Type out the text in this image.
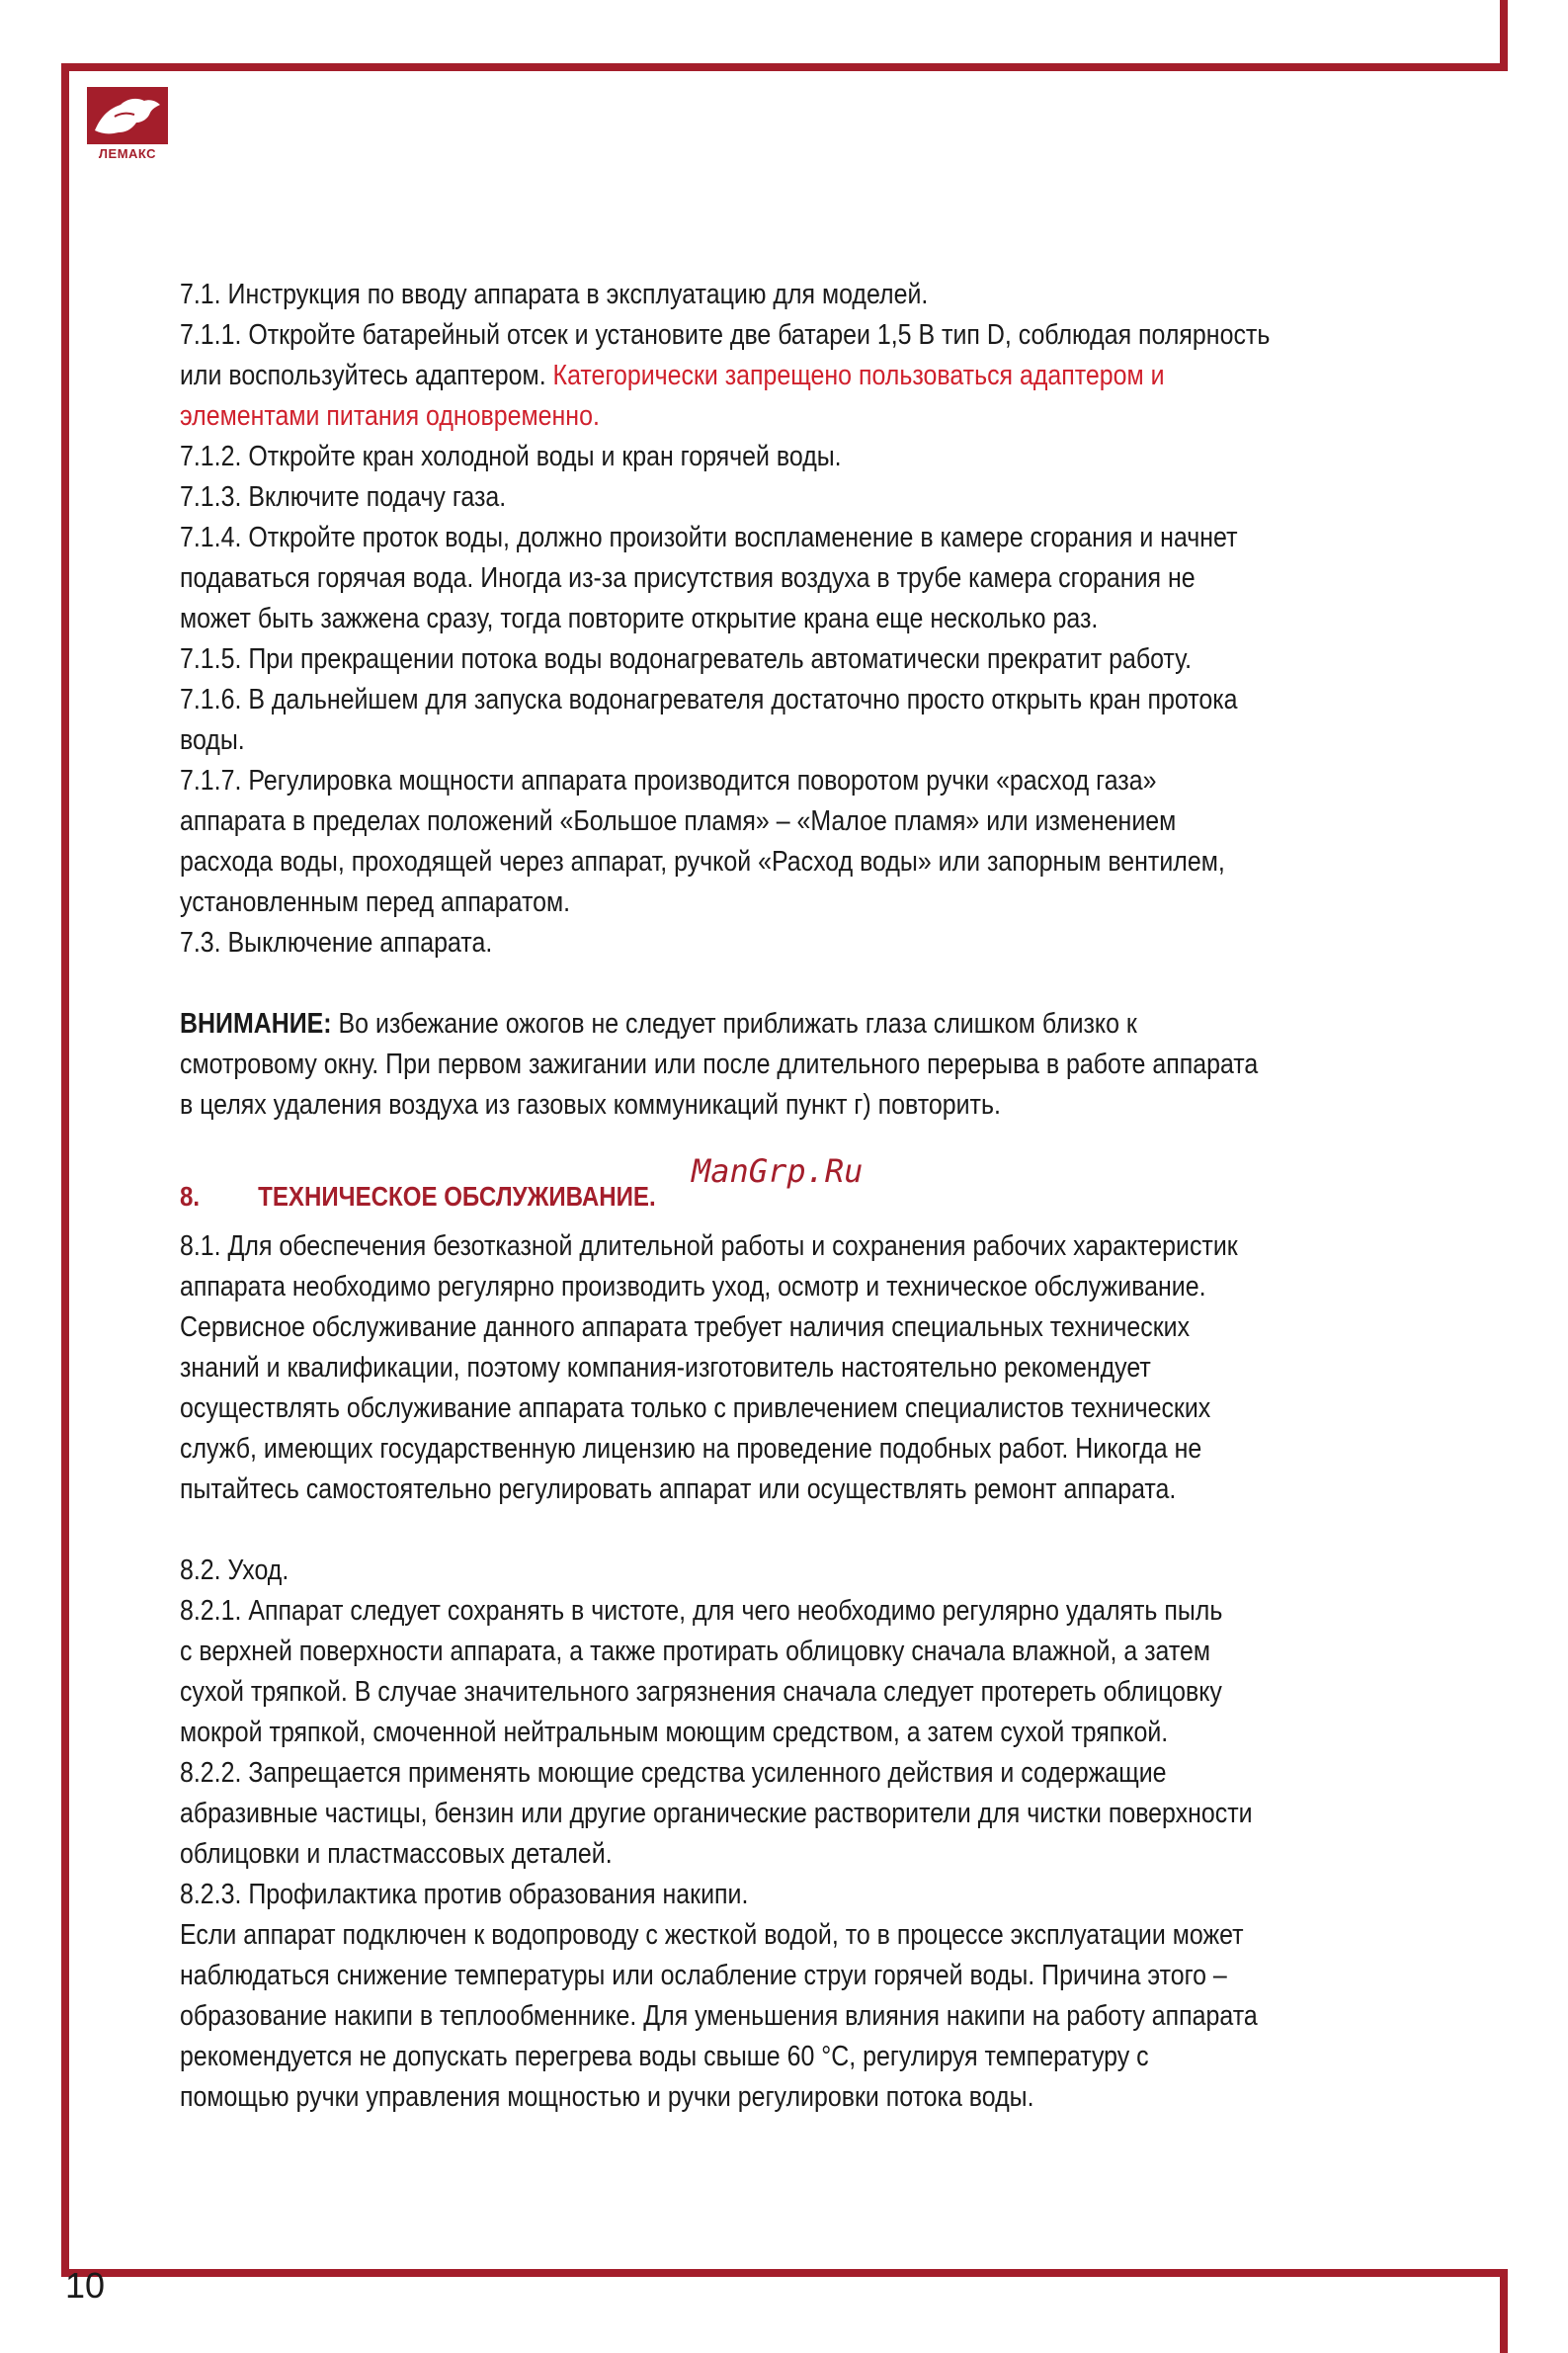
ЛЕМАКС
7.1. Инструкция по вводу аппарата в эксплуатацию для моделей.
7.1.1. Откройте батарейный отсек и установите две батареи 1,5 В тип D, соблюдая полярность
или воспользуйтесь адаптером. Категорически запрещено пользоваться адаптером и
элементами питания одновременно.
7.1.2. Откройте кран холодной воды и кран горячей воды.
7.1.3. Включите подачу газа.
7.1.4. Откройте проток воды, должно произойти воспламенение в камере сгорания и начнет
подаваться горячая вода. Иногда из-за присутствия воздуха в трубе камера сгорания не
может быть зажжена сразу, тогда повторите открытие крана еще несколько раз.
7.1.5. При прекращении потока воды водонагреватель автоматически прекратит работу.
7.1.6. В дальнейшем для запуска водонагревателя достаточно просто открыть кран протока
воды.
7.1.7. Регулировка мощности аппарата производится поворотом ручки «расход газа»
аппарата в пределах положений «Большое пламя» – «Малое пламя» или изменением
расхода воды, проходящей через аппарат, ручкой «Расход воды» или запорным вентилем,
установленным перед аппаратом.
7.3. Выключение аппарата.
ВНИМАНИЕ: Во избежание ожогов не следует приближать глаза слишком близко к
смотровому окну. При первом зажигании или после длительного перерыва в работе аппарата
в целях удаления воздуха из газовых коммуникаций пункт г) повторить.
8. ТЕХНИЧЕСКОЕ ОБСЛУЖИВАНИЕ.
8.1. Для обеспечения безотказной длительной работы и сохранения рабочих характеристик
аппарата необходимо регулярно производить уход, осмотр и техническое обслуживание.
Сервисное обслуживание данного аппарата требует наличия специальных технических
знаний и квалификации, поэтому компания-изготовитель настоятельно рекомендует
осуществлять обслуживание аппарата только с привлечением специалистов технических
служб, имеющих государственную лицензию на проведение подобных работ. Никогда не
пытайтесь самостоятельно регулировать аппарат или осуществлять ремонт аппарата.
8.2. Уход.
8.2.1. Аппарат следует сохранять в чистоте, для чего необходимо регулярно удалять пыль
с верхней поверхности аппарата, а также протирать облицовку сначала влажной, а затем
сухой тряпкой. В случае значительного загрязнения сначала следует протереть облицовку
мокрой тряпкой, смоченной нейтральным моющим средством, а затем сухой тряпкой.
8.2.2. Запрещается применять моющие средства усиленного действия и содержащие
абразивные частицы, бензин или другие органические растворители для чистки поверхности
облицовки и пластмассовых деталей.
8.2.3. Профилактика против образования накипи.
Если аппарат подключен к водопроводу с жесткой водой, то в процессе эксплуатации может
наблюдаться снижение температуры или ослабление струи горячей воды. Причина этого –
образование накипи в теплообменнике. Для уменьшения влияния накипи на работу аппарата
рекомендуется не допускать перегрева воды свыше 60 °С, регулируя температуру с
помощью ручки управления мощностью и ручки регулировки потока воды.
ManGrp.Ru
10
